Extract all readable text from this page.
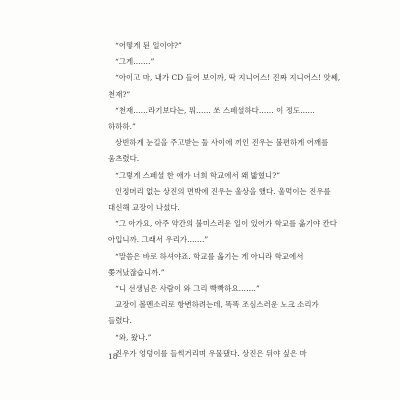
“어떻게 된 일이야?”

“그게…….”

“아이고 마, 내가 CD 들어 보이까, 딱 지니어스! 진짜 지니어스! 앗쎄, 천재?”

“천재……라기보다는, 뭐…… 쏘 스페셜하다…… 이 정도…… 하하하.”

상빈하게 눈길을 주고받는 둘 사이에 끼인 진우는 불편하게 어깨를 움츠렸다.

“그렇게 스페셜 한 애가 너희 학교에서 왜 밟혔니?”

인정머리 없는 상진의 면박에 진우는 울상을 했다. 울먹이는 진우를 대신해 교장이 나섰다.

“그 아가요, 아주 약간의 불미스러운 일이 있어가 학교를 옮기야 칸다 아입니까. 그래서 우리가…….”

“말씀은 바로 하셔야죠. 학교를 옮기는 게 아니라 학교에서 쫓겨났잖습니까.”

“니 선생님은 사람이 와 그리 빡빡하요…….”

교장이 볼멘소리로 항변하려는데, 똑똑 조심스러운 노크 소리가 들렸다.

“와, 왔나.”

진우가 엉덩이를 들썩거리며 우물댔다. 상진은 뒤야 싶은 마

18
